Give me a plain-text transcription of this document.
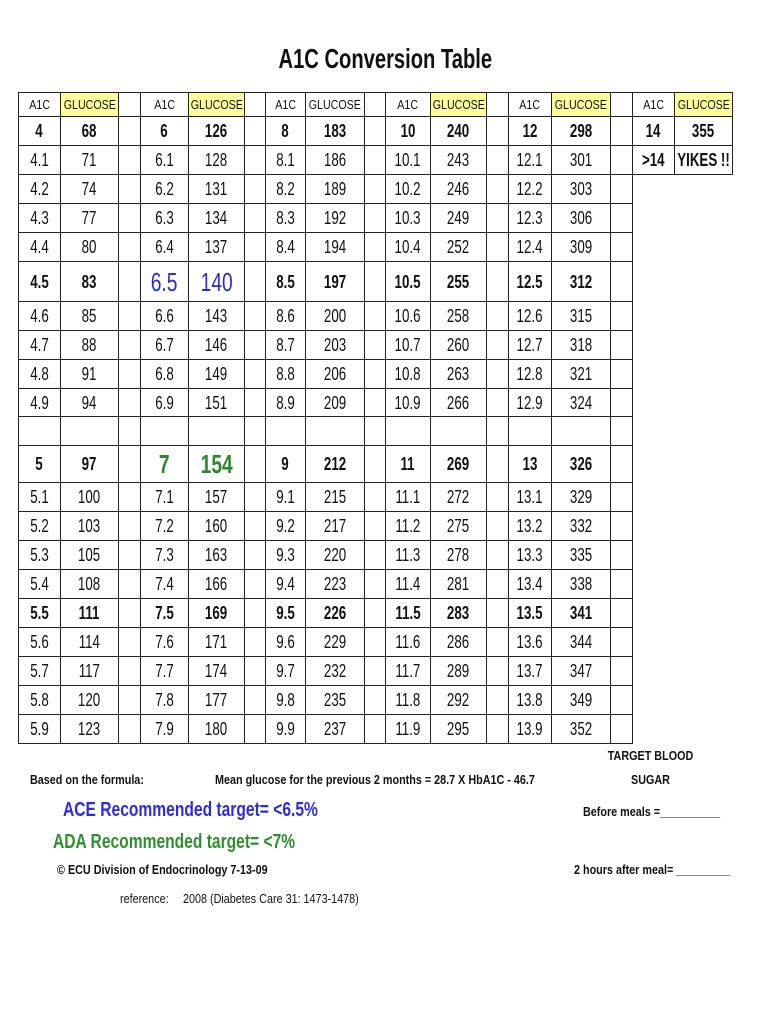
A1C Conversion Table
A1C	GLUCOSE		A1C	GLUCOSE		A1C	GLUCOSE		A1C	GLUCOSE		A1C	GLUCOSE		A1C	GLUCOSE
4	68		6	126		8	183		10	240		12	298		14	355
4.1	71		6.1	128		8.1	186		10.1	243		12.1	301		>14	YIKES !!
4.2	74		6.2	131		8.2	189		10.2	246		12.2	303			
4.3	77		6.3	134		8.3	192		10.3	249		12.3	306			
4.4	80		6.4	137		8.4	194		10.4	252		12.4	309			
4.5	83		6.5	140		8.5	197		10.5	255		12.5	312			
4.6	85		6.6	143		8.6	200		10.6	258		12.6	315			
4.7	88		6.7	146		8.7	203		10.7	260		12.7	318			
4.8	91		6.8	149		8.8	206		10.8	263		12.8	321			
4.9	94		6.9	151		8.9	209		10.9	266		12.9	324			

5	97		7	154		9	212		11	269		13	326			
5.1	100		7.1	157		9.1	215		11.1	272		13.1	329			
5.2	103		7.2	160		9.2	217		11.2	275		13.2	332			
5.3	105		7.3	163		9.3	220		11.3	278		13.3	335			
5.4	108		7.4	166		9.4	223		11.4	281		13.4	338			
5.5	111		7.5	169		9.5	226		11.5	283		13.5	341			
5.6	114		7.6	171		9.6	229		11.6	286		13.6	344			
5.7	117		7.7	174		9.7	232		11.7	289		13.7	347			
5.8	120		7.8	177		9.8	235		11.8	292		13.8	349			
5.9	123		7.9	180		9.9	237		11.9	295		13.9	352			
TARGET BLOOD
SUGAR
Based on the formula:	Mean glucose for the previous 2 months = 28.7 X HbA1C - 46.7
ACE Recommended target= <6.5%	Before meals =__________
ADA Recommended target= <7%
© ECU Division of Endocrinology 7-13-09	2 hours after meal= _________
reference:	2008 (Diabetes Care 31: 1473-1478)
